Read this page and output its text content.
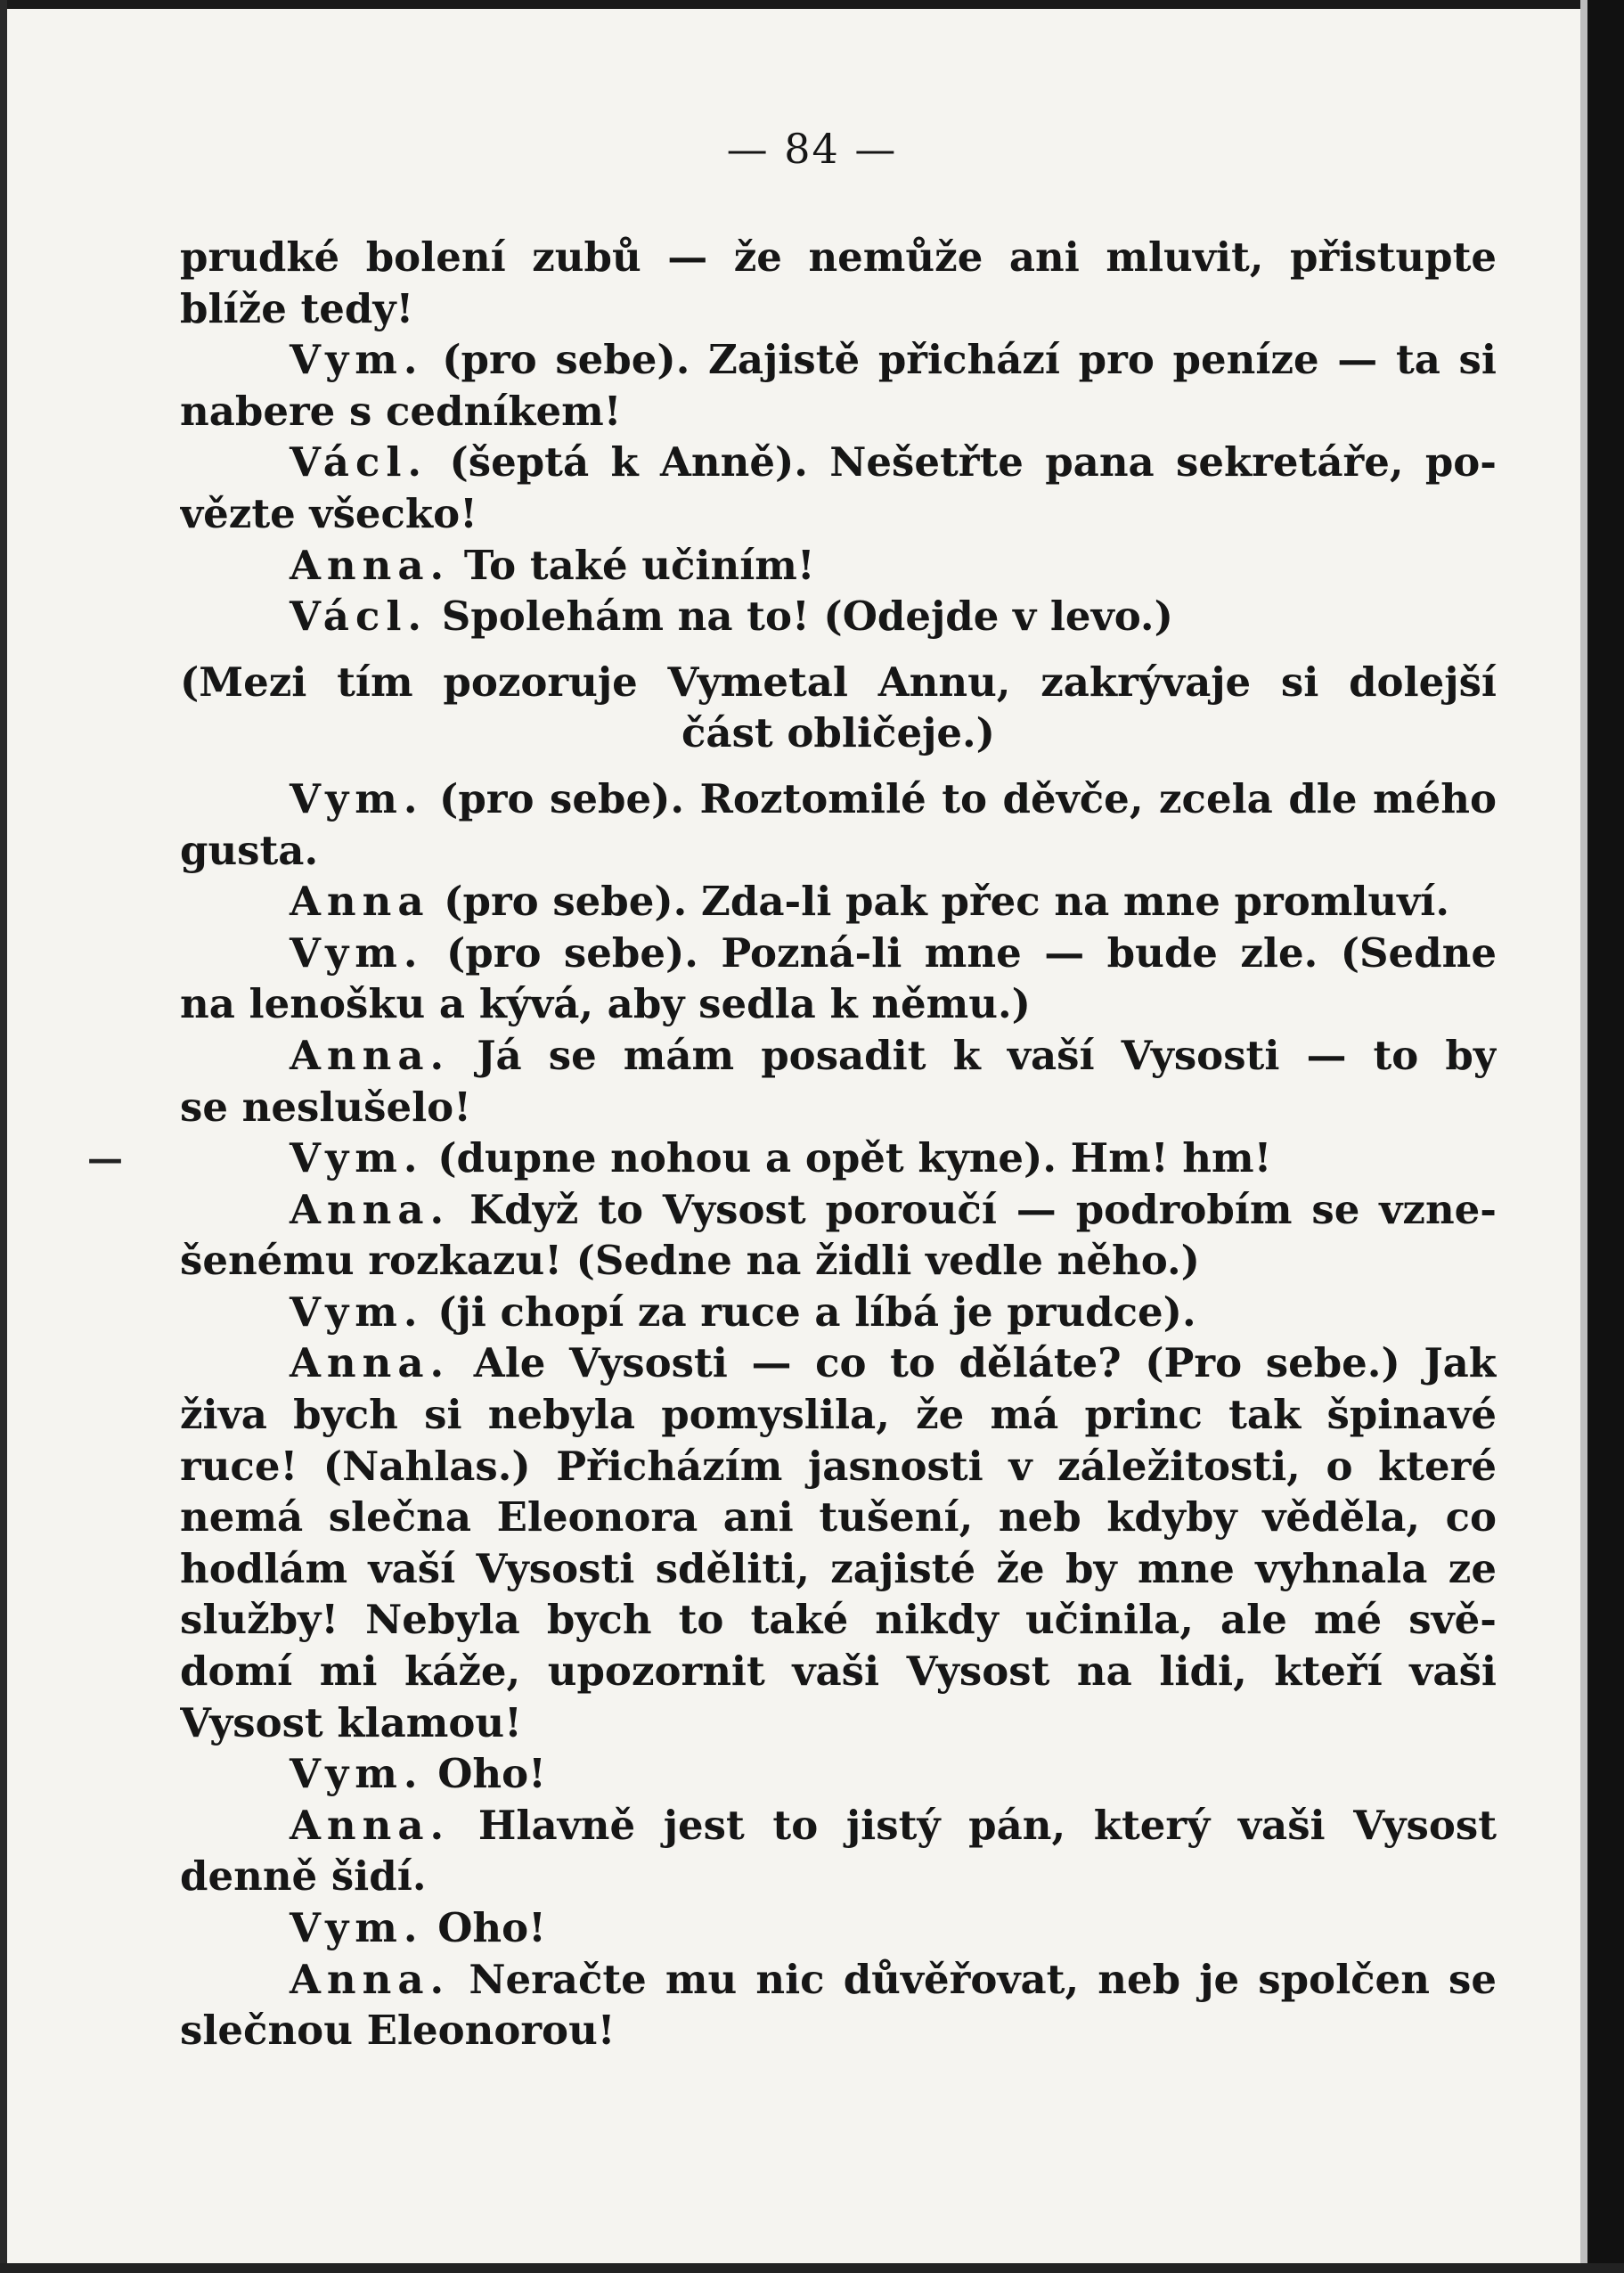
— 84 —
—
prudké bolení zubů — že nemůže ani mluvit, přistupte
blíže tedy!
Vym. (pro sebe). Zajistě přichází pro peníze — ta si
nabere s cedníkem!
Václ. (šeptá k Anně). Nešetřte pana sekretáře, po-
vězte všecko!
Anna. To také učiním!
Václ. Spolehám na to! (Odejde v levo.)
(Mezi tím pozoruje Vymetal Annu, zakrývaje si dolejší
část obličeje.)
Vym. (pro sebe). Roztomilé to děvče, zcela dle mého
gusta.
Anna (pro sebe). Zda-li pak přec na mne promluví.
Vym. (pro sebe). Pozná-li mne — bude zle. (Sedne
na lenošku a kývá, aby sedla k němu.)
Anna. Já se mám posadit k vaší Vysosti — to by
se neslušelo!
Vym. (dupne nohou a opět kyne). Hm! hm!
Anna. Když to Vysost poroučí — podrobím se vzne-
šenému rozkazu! (Sedne na židli vedle něho.)
Vym. (ji chopí za ruce a líbá je prudce).
Anna. Ale Vysosti — co to děláte? (Pro sebe.) Jak
živa bych si nebyla pomyslila, že má princ tak špinavé
ruce! (Nahlas.) Přicházím jasnosti v záležitosti, o které
nemá slečna Eleonora ani tušení, neb kdyby věděla, co
hodlám vaší Vysosti sděliti, zajisté že by mne vyhnala ze
služby! Nebyla bych to také nikdy učinila, ale mé svě-
domí mi káže, upozornit vaši Vysost na lidi, kteří vaši
Vysost klamou!
Vym. Oho!
Anna. Hlavně jest to jistý pán, který vaši Vysost
denně šidí.
Vym. Oho!
Anna. Neračte mu nic důvěřovat, neb je spolčen se
slečnou Eleonorou!
